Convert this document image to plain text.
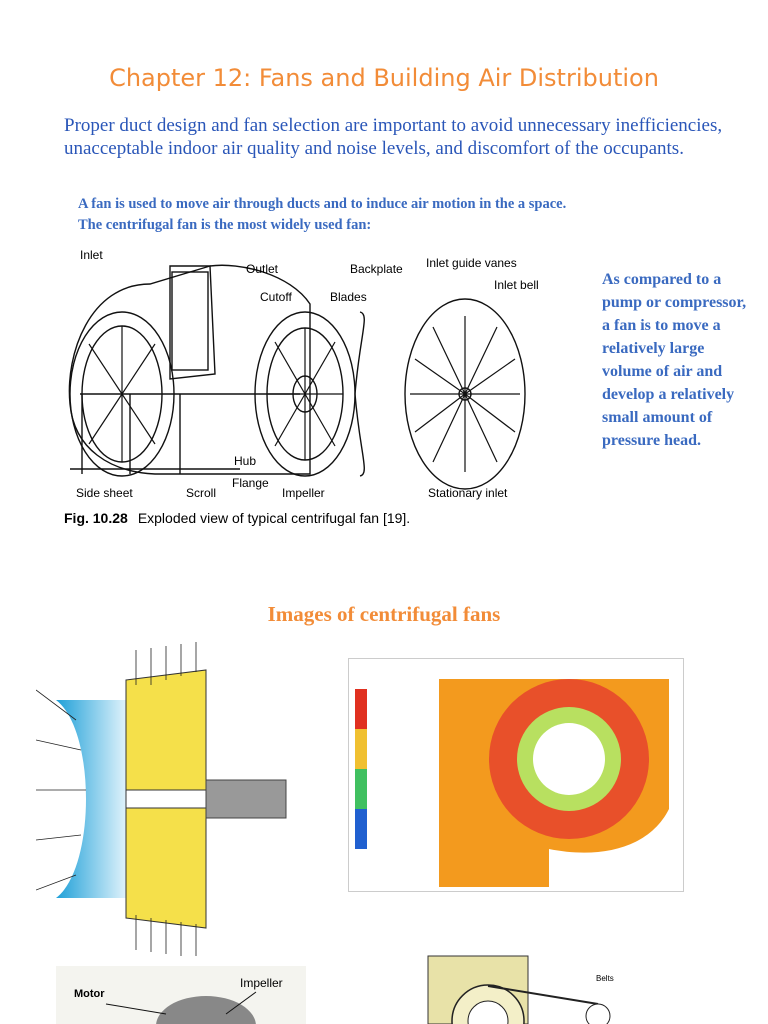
Chapter 12: Fans and Building Air Distribution
Proper duct design and fan selection are important to avoid unnecessary inefficiencies, unacceptable indoor air quality and noise levels, and discomfort of the occupants.
A fan is used to move air through ducts and to induce air motion in the a space.
The centrifugal fan is the most widely used fan:
As compared to a pump or compressor, a fan is to move a relatively large volume of air and develop a relatively small amount of pressure head.
Inlet
Outlet
Cutoff
Backplate
Blades
Inlet guide vanes
Inlet bell
Hub
Flange
Side sheet	Scroll	Impeller	Stationary inlet
Fig. 10.28 Exploded view of typical centrifugal fan [19].
Images of centrifugal fans
Motor
Impeller	Belts
